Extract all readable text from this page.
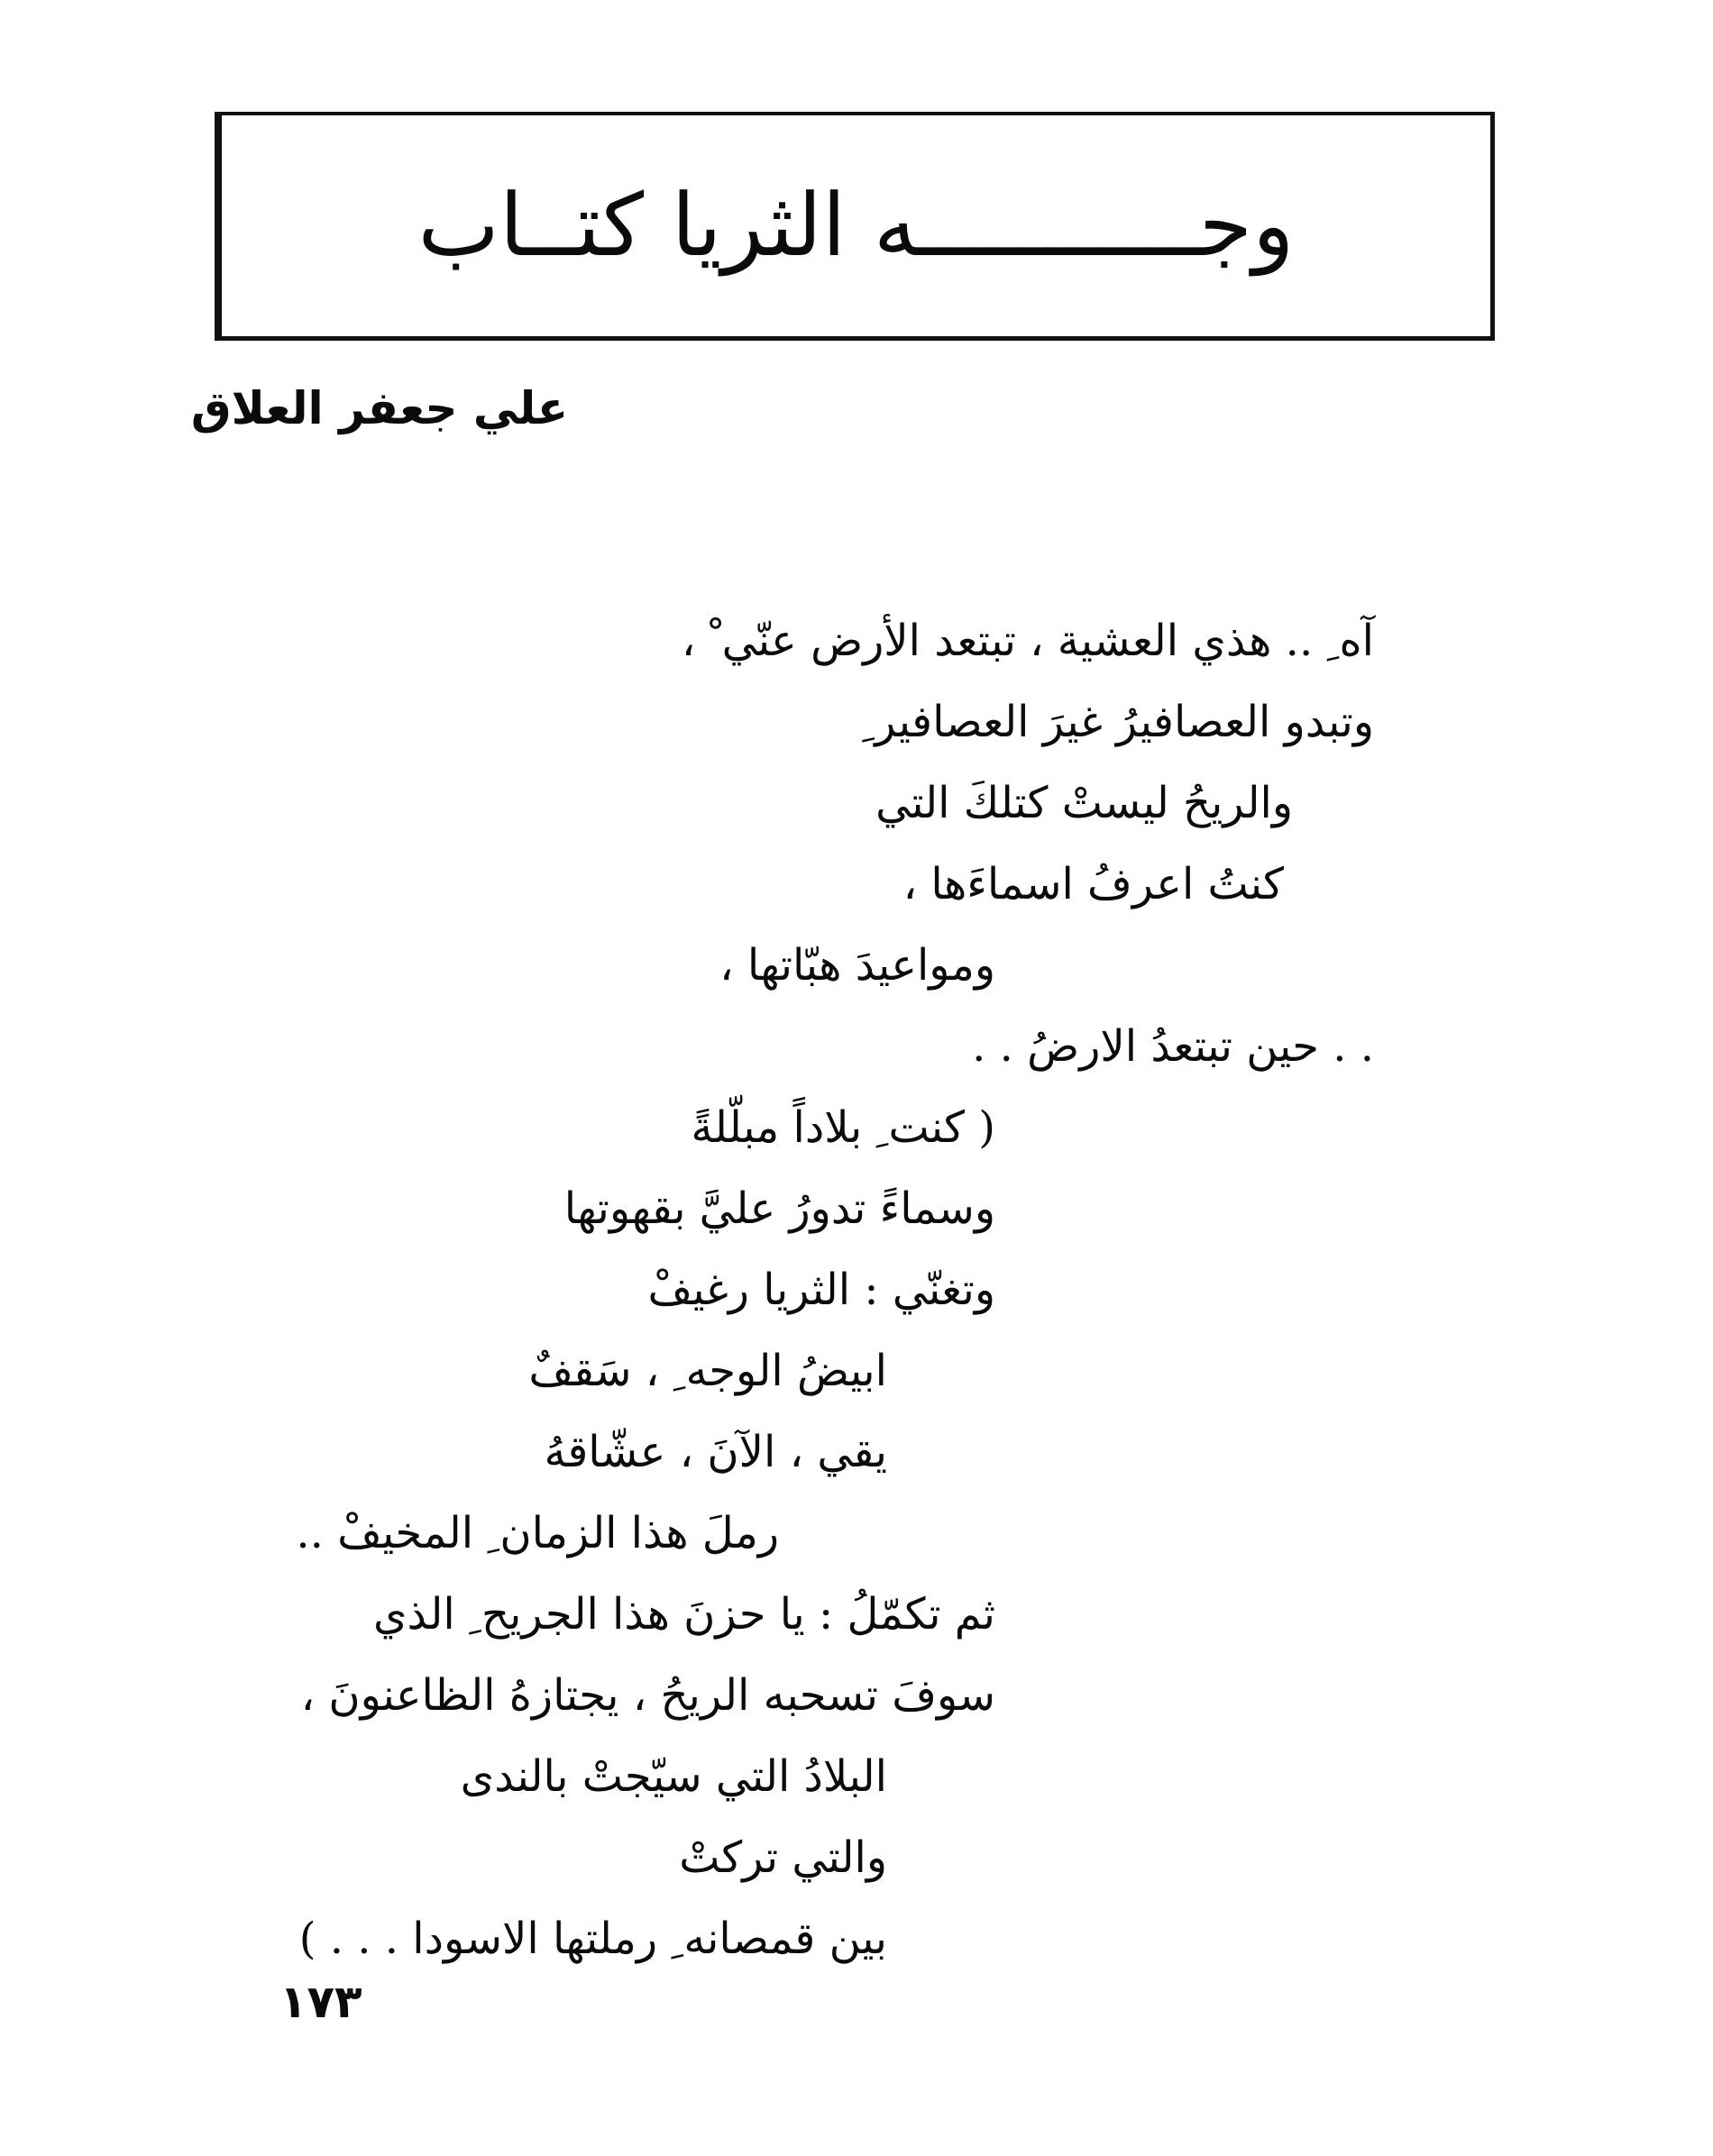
وجـــــــــــه الثريا كتــاب
علي جعفر العلاق
آه ِ .. هذي العشية ، تبتعد الأرض عنّي ْ ،
وتبدو العصافيرُ غيرَ العصافير ِ
والريحُ ليستْ كتلكَ التي
كنتُ اعرفُ اسماءَها ،
ومواعيدَ هبّاتها ،
. . حين تبتعدُ الارضُ . .
( كنت ِ بلاداً مبلّلةً
وسماءً تدورُ عليَّ بقهوتها
وتغنّي : الثريا رغيفْ
ابيضُ الوجه ِ ، سَقفٌ
يقي ، الآنَ ، عشّاقهُ
رملَ هذا الزمان ِ المخيفْ ..
ثم تكمّلُ : يا حزنَ هذا الجريح ِ الذي
سوفَ تسحبه الريحُ ، يجتازهُ الظاعنونَ ،
البلادُ التي سيّجتْ بالندى
والتي تركتْ
بين قمصانه ِ رملتها الاسودا . . . )
١٧٣
